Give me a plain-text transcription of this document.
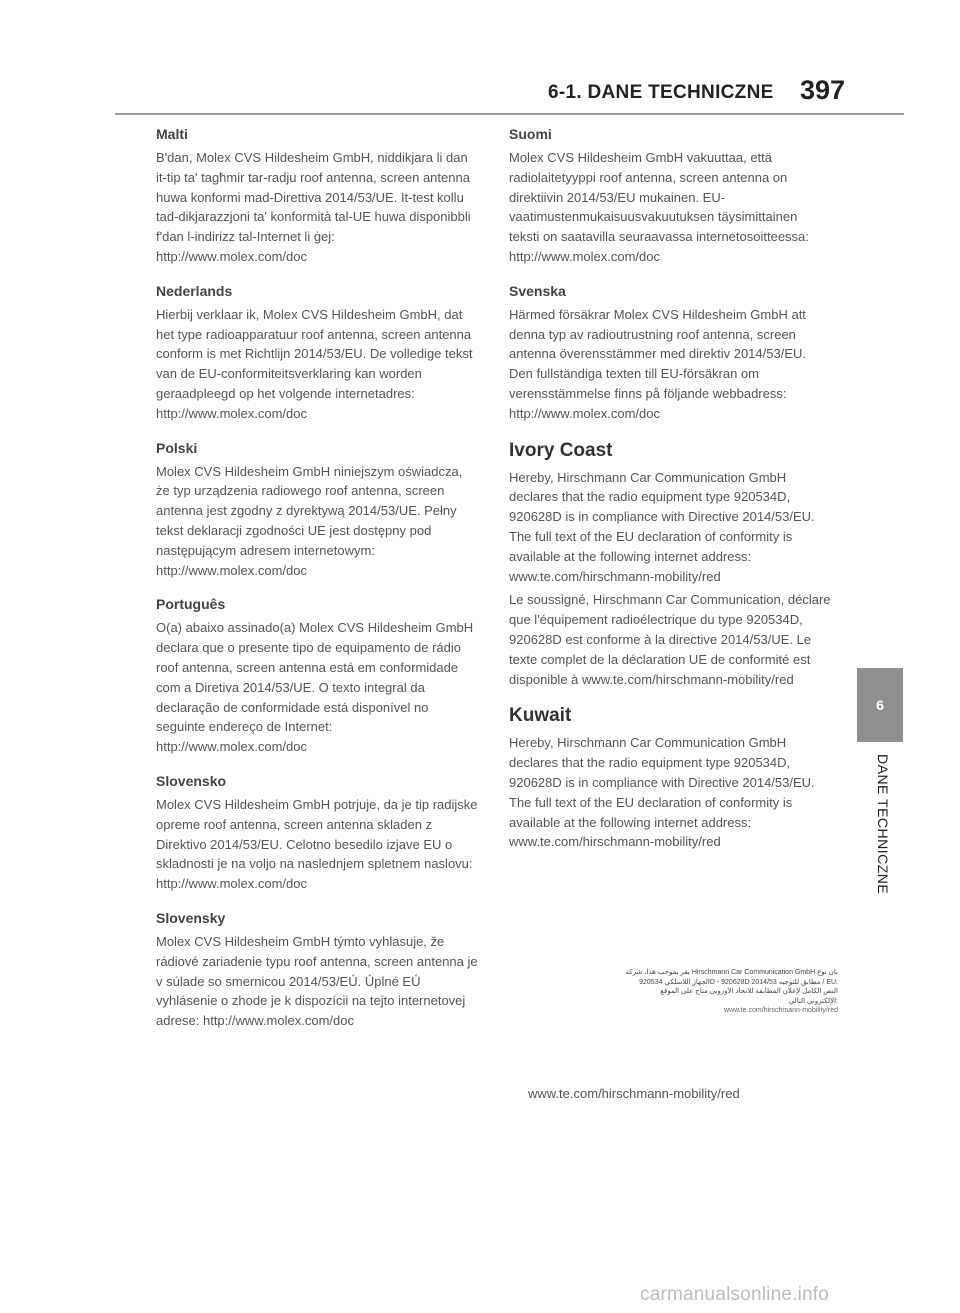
6-1. DANE TECHNICZNE 397
Malti
B'dan, Molex CVS Hildesheim GmbH, niddikjara li dan it-tip ta' tagħmir tar-radju roof antenna, screen antenna huwa konformi mad-Direttiva 2014/53/UE. It-test kollu tad-dikjarazzjoni ta' konformità tal-UE huwa disponibbli f'dan l-indirizz tal-Internet li ġej: http://www.molex.com/doc
Nederlands
Hierbij verklaar ik, Molex CVS Hildesheim GmbH, dat het type radioapparatuur roof antenna, screen antenna conform is met Richtlijn 2014/53/EU. De volledige tekst van de EU-conformiteitsverklaring kan worden geraadpleegd op het volgende internetadres: http://www.molex.com/doc
Polski
Molex CVS Hildesheim GmbH niniejszym oświadcza, że typ urządzenia radiowego roof antenna, screen antenna jest zgodny z dyrektywą 2014/53/UE. Pełny tekst deklaracji zgodności UE jest dostępny pod następującym adresem internetowym: http://www.molex.com/doc
Português
O(a) abaixo assinado(a) Molex CVS Hildesheim GmbH declara que o presente tipo de equipamento de rádio roof antenna, screen antenna está em conformidade com a Diretiva 2014/53/UE. O texto integral da declaração de conformidade está disponível no seguinte endereço de Internet: http://www.molex.com/doc
Slovensko
Molex CVS Hildesheim GmbH potrjuje, da je tip radijske opreme roof antenna, screen antenna skladen z Direktivo 2014/53/EU. Celotno besedilo izjave EU o skladnosti je na voljo na naslednjem spletnem naslovu: http://www.molex.com/doc
Slovensky
Molex CVS Hildesheim GmbH týmto vyhlasuje, že rádiové zariadenie typu roof antenna, screen antenna je v súlade so smernicou 2014/53/EÚ. Úplné EÚ vyhlásenie o zhode je k dispozícii na tejto internetovej adrese: http://www.molex.com/doc
Suomi
Molex CVS Hildesheim GmbH vakuuttaa, että radiolaitetyyppi roof antenna, screen antenna on direktiivin 2014/53/EU mukainen. EU-vaatimustenmukaisuusvakuutuksen täysimittainen teksti on saatavilla seuraavassa internetosoitteessa: http://www.molex.com/doc
Svenska
Härmed försäkrar Molex CVS Hildesheim GmbH att denna typ av radioutrustning roof antenna, screen antenna överensstämmer med direktiv 2014/53/EU. Den fullständiga texten till EU-försäkran om verensstämmelse finns på följande webbadress: http://www.molex.com/doc
Ivory Coast
Hereby, Hirschmann Car Communication GmbH declares that the radio equipment type 920534D, 920628D is in compliance with Directive 2014/53/EU. The full text of the EU declaration of conformity is available at the following internet address: www.te.com/hirschmann-mobility/red
Le soussigné, Hirschmann Car Communication, déclare que l'équipement radioélectrique du type 920534D, 920628D est conforme à la directive 2014/53/UE. Le texte complet de la déclaration UE de conformité est disponible à www.te.com/hirschmann-mobility/red
Kuwait
Hereby, Hirschmann Car Communication GmbH declares that the radio equipment type 920534D, 920628D is in compliance with Directive 2014/53/EU. The full text of the EU declaration of conformity is available at the following internet address: www.te.com/hirschmann-mobility/red
يقر بموجب هذا، شركة Hirschmann Car Communication GmbH بأن نوع
الجهاز اللاسلكي 920534D - 920628D مطابق للتوجيه 2014/53 / EU.
النص الكامل لإعلان المطابقة للاتحاد الأوروبي متاح على الموقع
الإلكتروني التالي:
www.te.com/hirschmann-mobility/red
www.te.com/hirschmann-mobility/red
6
DANE TECHNICZNE
carmanualsonline.info
